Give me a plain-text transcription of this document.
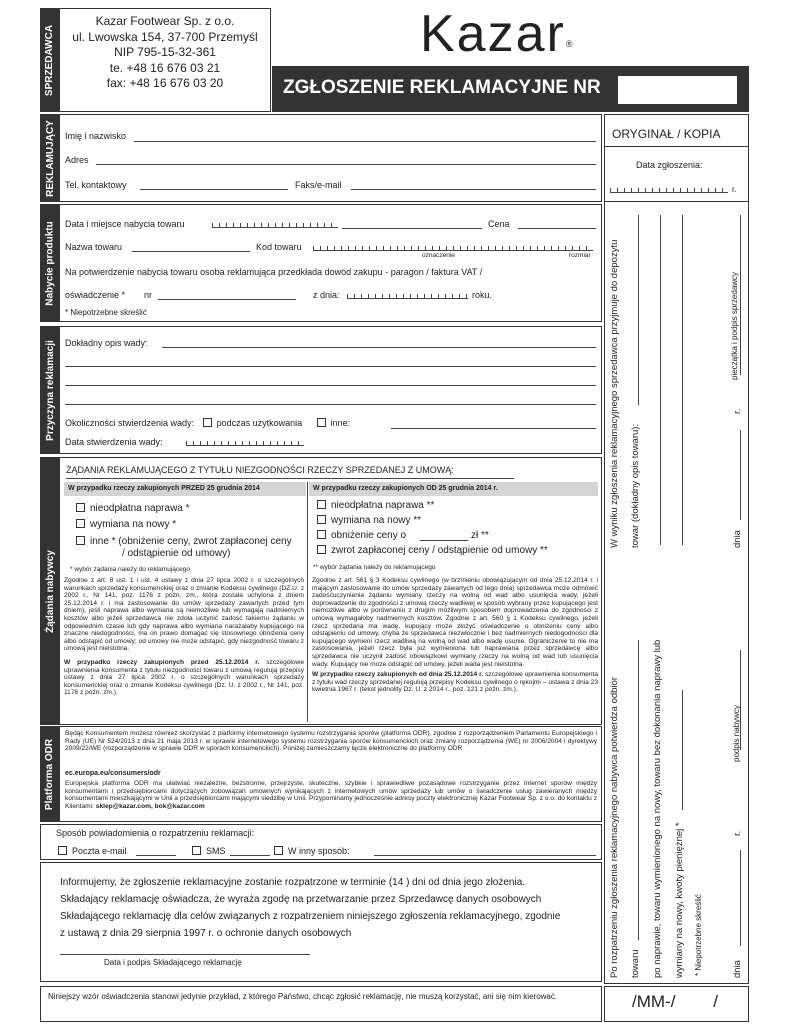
SPRZEDAWCA
Kazar Footwear Sp. z o.o.
ul. Lwowska 154, 37-700 Przemyśl
NIP 795-15-32-361
te. +48 16 676 03 21
fax: +48 16 676 03 20
Kazar®
ZGŁOSZENIE REKLAMACYJNE NR
REKLAMUJĄCY Imię i nazwisko
Adres
Tel. kontaktowy	Faks/e-mail
Nabycie produktu Data i miejsce nabycia towaru	Cena
Nazwa towaru	Kod towaru
oznaczenie	rozmiar
Na potwierdzenie nabycia towaru osoba reklamująca przedkłada dowód zakupu - paragon / faktura VAT /
oświadczenie * nr	z dnia:	roku.
* Niepotrzebne skreślić
Przyczyna reklamacji Dokładny opis wady:
Okoliczności stwierdzenia wady:	podczas użytkowania	inne:
Data stwierdzenia wady:
Żądania nabywcy
ŻĄDANIA REKLAMUJĄCEGO Z TYTUŁU NIEZGODNOŚCI RZECZY SPRZEDANEJ Z UMOWĄ:
W przypadku rzeczy zakupionych PRZED 25 grudnia 2014	W przypadku rzeczy zakupionych OD 25 grudnia 2014 r.
nieodpłatna naprawa *
wymiana na nowy *
inne * (obniżenie ceny, zwrot zapłaconej ceny
/ odstąpienie od umowy)
* wybór żądania należy do reklamującego
Zgodnie z art. 8 ust. 1 i ust. 4 ustawy z dnia 27 lipca 2002 r. o szczególnych warunkach sprzedaży konsumenckiej oraz o zmianie Kodeksu cywilnego (DZ.U. z 2002 r., Nr 141, poz. 1176 z późn. zm., która została uchylona z dniem 25.12.2014 r. i ma zastosowanie do umów sprzedaży zawartych przed tym dniem), jeśli naprawa albo wymiana są niemożliwe lub wymagają nadmiernych kosztów albo jeżeli sprzedawca nie zdoła uczynić zadość takiemu żądaniu w odpowiednim czasie lub gdy naprawa albo wymiana narażałaby kupującego na znaczne niedogodności, ma on prawo domagać się stosownego obniżenia ceny albo odstąpić od umowy; od umowy nie może odstąpić, gdy niezgodność towaru z umową jest nieistotna.
W przypadku rzeczy zakupionych przed 25.12.2014 r. szczegółowe uprawnienia konsumenta z tytułu niezgodności towaru z umową regulują przepisy ustawy z dnia 27 lipca 2002 r. o szczególnych warunkach sprzedaży konsumenckiej oraz o zmianie Kodeksu cywilnego (Dz. U. z 2002 r., Nr 141, poz. 1176 z późn. zm.).
nieodpłatna naprawa **
wymiana na nowy **
obniżenie ceny o	zł **
zwrot zapłaconej ceny / odstąpienie od umowy **
** wybór żądania należy do reklamującego
Zgodnie z art. 561 § 3 Kodeksu cywilnego (w brzmieniu obowiązującym od dnia 25.12.2014 r. i mającym zastosowanie do umów sprzedaży zawartych od tego dnia) sprzedawca może odmówić zadośćuczynienia żądaniu wymiany rzeczy na wolną od wad albo usunięcia wady, jeżeli doprowadzenie do zgodności z umową rzeczy wadliwej w sposób wybrany przez kupującego jest niemożliwe albo w porównaniu z drugim możliwym sposobem doprowadzenia do zgodności z umową wymagałoby nadmiernych kosztów. Zgodnie z art. 560 § 1 Kodeksu cywilnego, jeżeli rzecz sprzedana ma wadę, kupujący może złożyć oświadczenie o obniżeniu ceny albo odstąpieniu od umowy, chyba że sprzedawca niezwłocznie i bez nadmiernych niedogodności dla kupującego wymieni rzecz wadliwą na wolną od wad albo wadę usunie. Ograniczenie to nie ma zastosowania, jeżeli rzecz była już wymieniona lub naprawiana przez sprzedawcę albo sprzedawca nie uczynił zadość obowiązkowi wymiany rzeczy na wolną od wad lub usunięcia wady. Kupujący nie może odstąpić od umowy, jeżeli wada jest nieistotna.
W przypadku rzeczy zakupionych od dnia 25.12.2014 r. szczegółowe uprawnienia konsumenta z tytułu wad rzeczy sprzedanej regulują przepisy Kodeksu cywilnego o rękojmi – ustawa z dnia 23 kwietnia 1967 r. (tekst jednolity Dz. U. z 2014 r., poz. 121 z późn. zm.).
Platforma ODR
Będąc Konsumentem możesz również skorzystać z platformy internetowego systemu rozstrzygania sporów (platforma ODR), zgodnie z rozporządzeniem Parlamentu Europejskiego i Rady (UE) Nr 524/2013 z dnia 21 maja 2013 r. w sprawie internetowego systemu rozstrzygania sporów konsumenckich oraz zmiany rozporządzenia (WE) nr 2006/2004 i dyrektywy 2009/22/WE (rozporządzenie w sprawie ODR w sporach konsumenckich). Poniżej zamieszczamy łącze elektroniczne do platformy ODR
ec.europa.eu/consumers/odr
Europejska platforma ODR ma ułatwiać niezależne, bezstronne, przejrzyste, skuteczne, szybkie i sprawiedliwe pozasądowe rozstrzyganie przez Internet sporów między konsumentami i przedsiębiorcami dotyczących zobowiązań umownych wynikających z internetowych umów sprzedaży lub umów o świadczenie usług zawieranych między konsumentami mieszkającymi w Unii a przedsiębiorcami mającymi siedzibę w Unii. Przypominamy jednocześnie adresy poczty elektronicznej Kazar Footwear Sp. z o.o. do kontaktu z Klientami: sklep@kazar.com, bok@kazar.com
Sposób powiadomienia o rozpatrzeniu reklamacji:
Poczta e-mail	SMS	W inny sposób:
Informujemy, że zgłoszenie reklamacyjne zostanie rozpatrzone w terminie (14 ) dni od dnia jego złożenia.
Składający reklamację oświadcza, że wyraża zgodę na przetwarzanie przez Sprzedawcę danych osobowych
Składającego reklamację dla celów związanych z rozpatrzeniem niniejszego zgłoszenia reklamacyjnego, zgodnie
z ustawą z dnia 29 sierpnia 1997 r. o ochronie danych osobowych
Data i podpis Składającego reklamację
Niniejszy wzór oświadczenia stanowi jedynie przykład, z którego Państwo, chcąc zgłosić reklamację, nie muszą korzystać, ani się nim kierować.	/MM-/        /
ORYGINAŁ / KOPIA
Data zgłoszenia:
r.
W wyniku zgłoszenia reklamacyjnego sprzedawca przyjmuje do depozytu towar (dokładny opis towaru):
r.
pieczątka i podpis sprzedawcy
dnia
Po rozpatrzeniu zgłoszenia reklamacyjnego nabywca potwierdza odbiór towaru po naprawie, towaru wymienionego na nowy, towaru bez dokonania naprawy lub wymiany na nowy, kwoty pieniężnej * * Niepotrzebne skreślić	dnia
r.
podpis nabywcy
